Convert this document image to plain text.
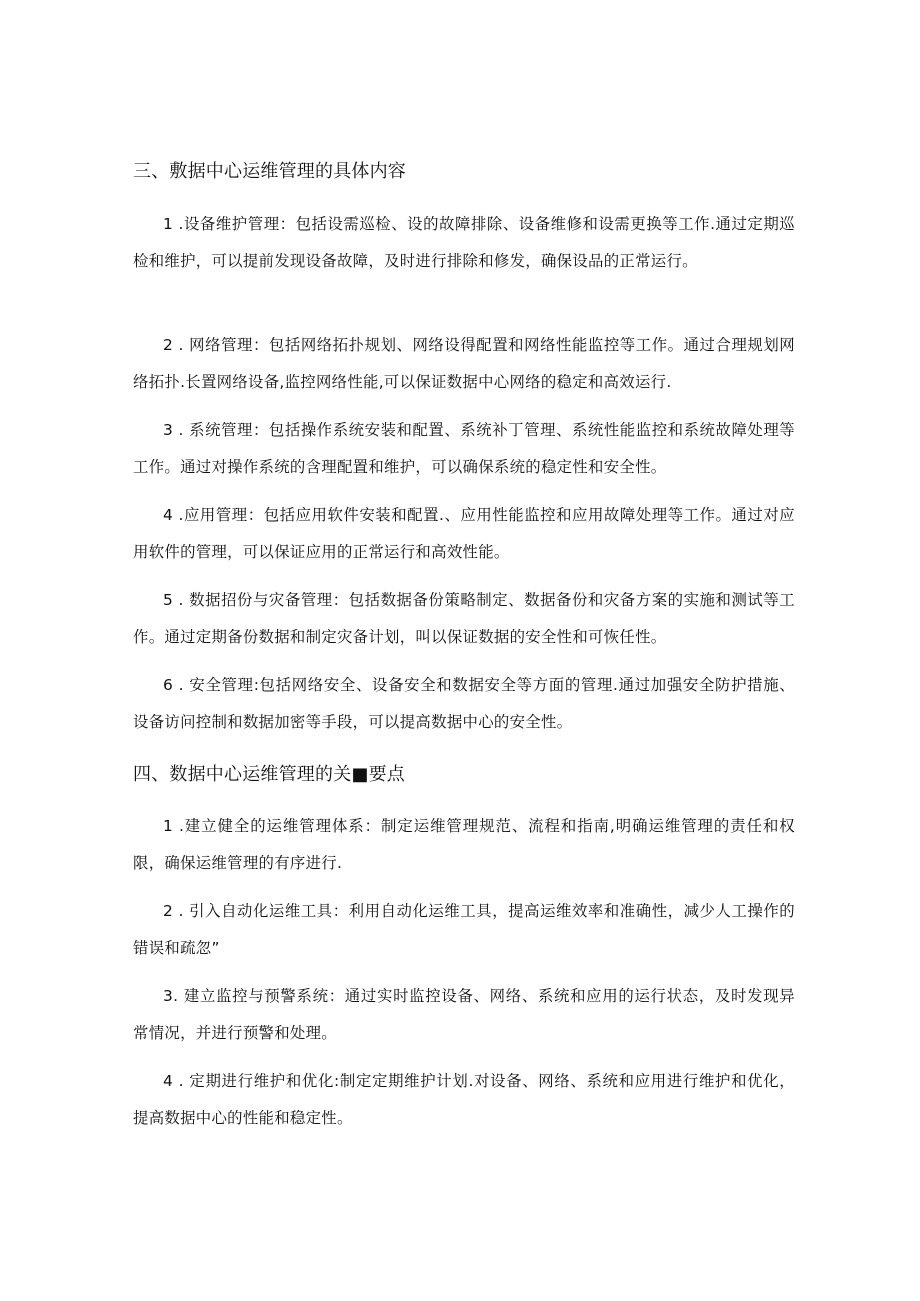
三、敷据中心运维管理的具体内容
1 .设备维护管理：包括设需巡检、设的故障排除、设备维修和设需更换等工作.通过定期巡检和维护，可以提前发现设备故障，及时进行排除和修发，确保设品的正常运行。
2 . 网络管理：包括网络拓扑规划、网络设得配置和网络性能监控等工作。通过合理规划网络拓扑.长置网络设备,监控网络性能,可以保证数据中心网络的稳定和高效运行.
3 . 系统管理：包括操作系统安装和配置、系统补丁管理、系统性能监控和系统故障处理等工作。通过对操作系统的含理配置和维护，可以确保系统的稳定性和安全性。
4 .应用管理：包括应用软件安装和配置.、应用性能监控和应用故障处理等工作。通过对应用软件的管理，可以保证应用的正常运行和高效性能。
5 . 数据招份与灾备管理：包括数据备份策略制定、数据备份和灾备方案的实施和测试等工作。通过定期备份数据和制定灾备计划，叫以保证数据的安全性和可恢任性。
6 . 安全管理:包括网络安全、设备安全和数据安全等方面的管理.通过加强安全防护措施、设备访问控制和数据加密等手段，可以提高数据中心的安全性。
四、数据中心运维管理的关■要点
1 .建立健全的运维管理体系：制定运维管理规范、流程和指南,明确运维管理的责任和权限，确保运维管理的有序进行.
2 . 引入自动化运维工具：利用自动化运维工具，提高运维效率和准确性，减少人工操作的错误和疏忽”
3. 建立监控与预警系统：通过实时监控设备、网络、系统和应用的运行状态，及时发现异常情况，并进行预警和处理。
4 . 定期进行维护和优化:制定定期维护计划.对设备、网络、系统和应用进行维护和优化，提高数据中心的性能和稳定性。
